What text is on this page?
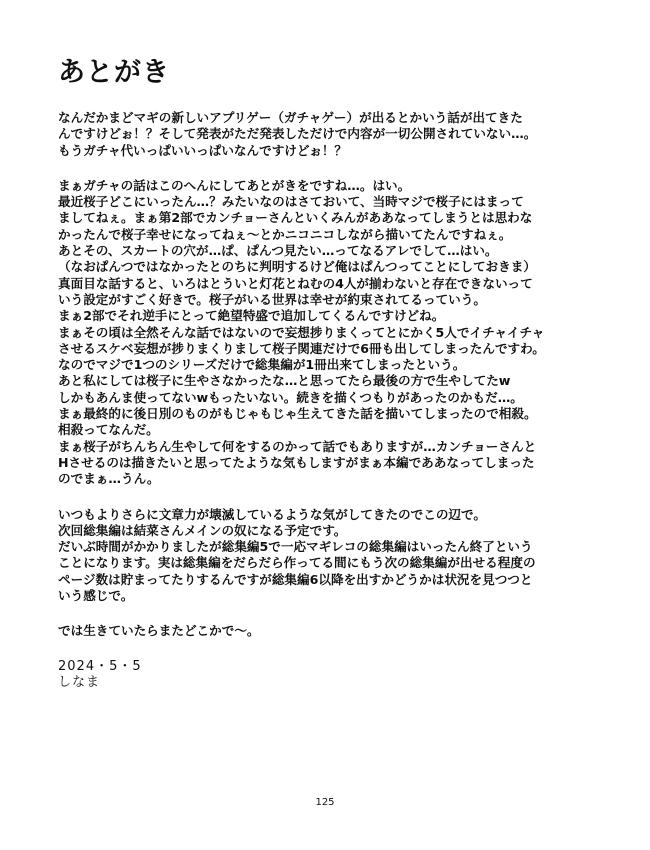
あとがき
なんだかまどマギの新しいアプリゲー（ガチャゲー）が出るとかいう話が出てきた
んですけどぉ！？そして発表がただ発表しただけで内容が一切公開されていない…。
もうガチャ代いっぱいいっぱいなんですけどぉ！？
まぁガチャの話はこのへんにしてあとがきをですね…。はい。
最近桜子どこにいったん…？みたいなのはさておいて、当時マジで桜子にはまって
ましてねぇ。まぁ第2部でカンチョーさんといくみんがああなってしまうとは思わな
かったんで桜子幸せになってねぇ～とかニコニコしながら描いてたんですねぇ。
あとその、スカートの穴が…ぱ、ぱんつ見たい…ってなるアレでして…はい。
（なおぱんつではなかったとのちに判明するけど俺はぱんつってことにしておきま）
真面目な話すると、いろはとういと灯花とねむの4人が揃わないと存在できないって
いう設定がすごく好きで。桜子がいる世界は幸せが約束されてるっていう。
まぁ2部でそれ逆手にとって絶望特盛で追加してくるんですけどね。
まぁその頃は全然そんな話ではないので妄想捗りまくってとにかく5人でイチャイチャ
させるスケベ妄想が捗りまくりまして桜子関連だけで6冊も出してしまったんですわ。
なのでマジで1つのシリーズだけで総集編が1冊出来てしまったという。
あと私にしては桜子に生やさなかったな…と思ってたら最後の方で生やしてたw
しかもあんま使ってないwもったいない。続きを描くつもりがあったのかもだ…。
まぁ最終的に後日別のものがもじゃもじゃ生えてきた話を描いてしまったので相殺。
相殺ってなんだ。
まぁ桜子がちんちん生やして何をするのかって話でもありますが…カンチョーさんと
Hさせるのは描きたいと思ってたような気もしますがまぁ本編でああなってしまった
のでまぁ…うん。
いつもよりさらに文章力が壊滅しているような気がしてきたのでこの辺で。
次回総集編は結菜さんメインの奴になる予定です。
だいぶ時間がかかりましたが総集編5で一応マギレコの総集編はいったん終了という
ことになります。実は総集編をだらだら作ってる間にもう次の総集編が出せる程度の
ページ数は貯まってたりするんですが総集編6以降を出すかどうかは状況を見つつと
いう感じで。
では生きていたらまたどこかで～。
2024・5・5
しなま
125
